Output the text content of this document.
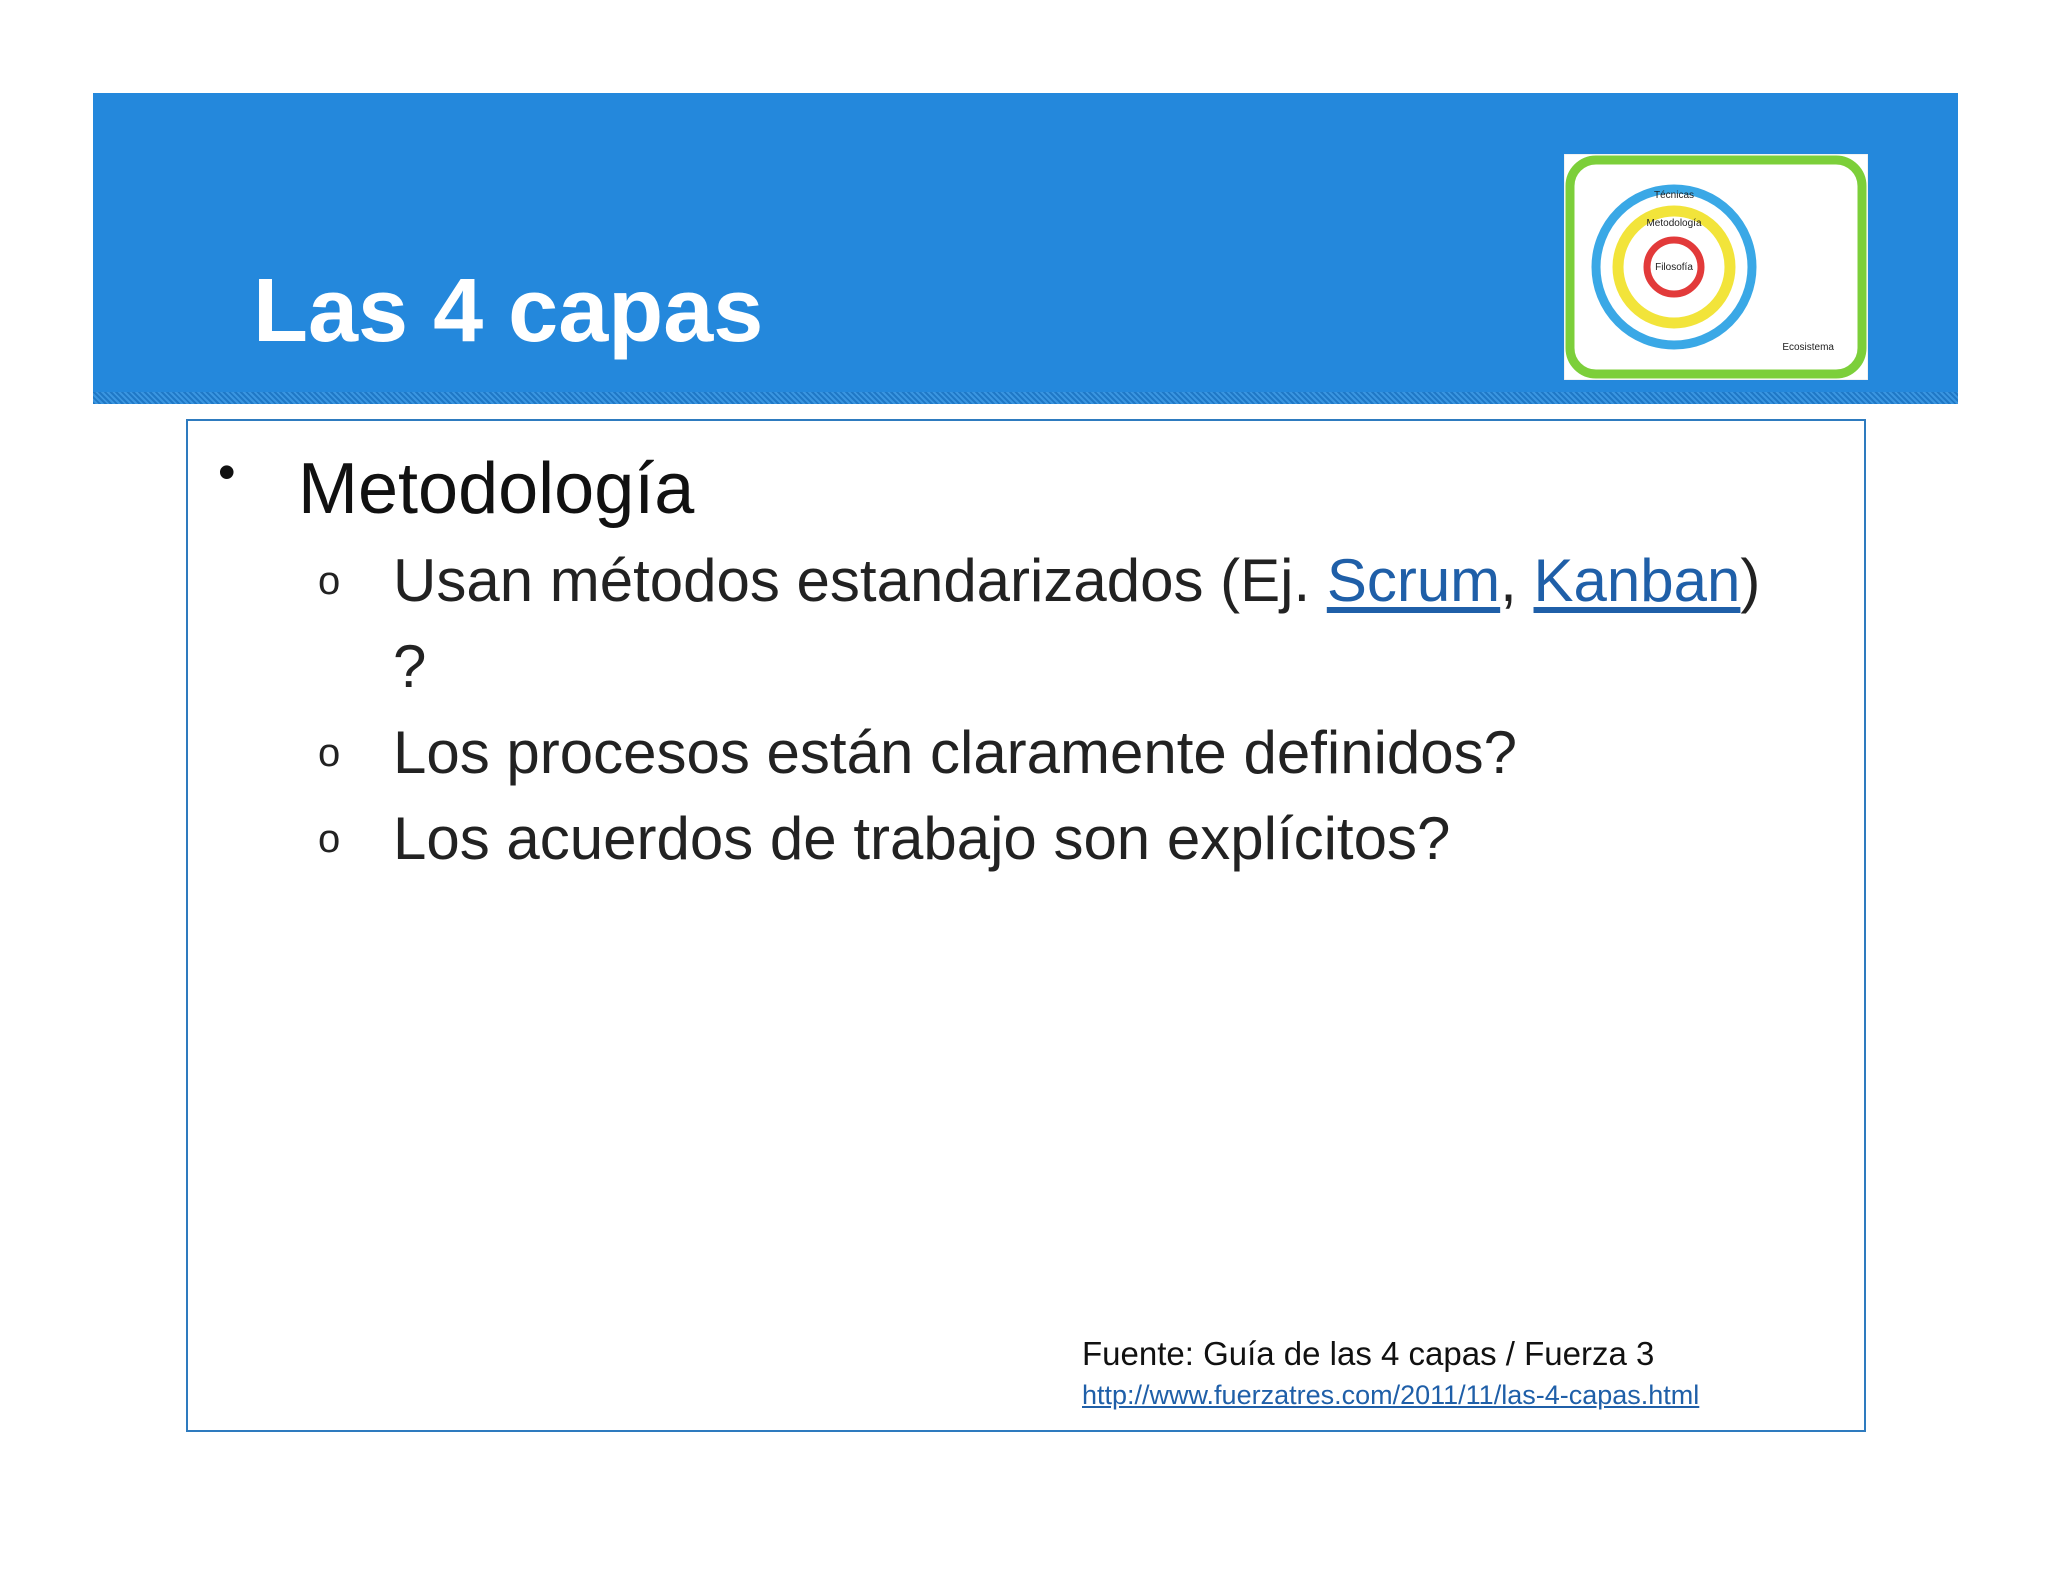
Las 4 capas
Técnicas
Metodología
Filosofía
Ecosistema
• Metodología
o Usan métodos estandarizados (Ej. Scrum, Kanban)
?
o Los procesos están claramente definidos?
o Los acuerdos de trabajo son explícitos?
Fuente: Guía de las 4 capas / Fuerza 3
http://www.fuerzatres.com/2011/11/las-4-capas.html
